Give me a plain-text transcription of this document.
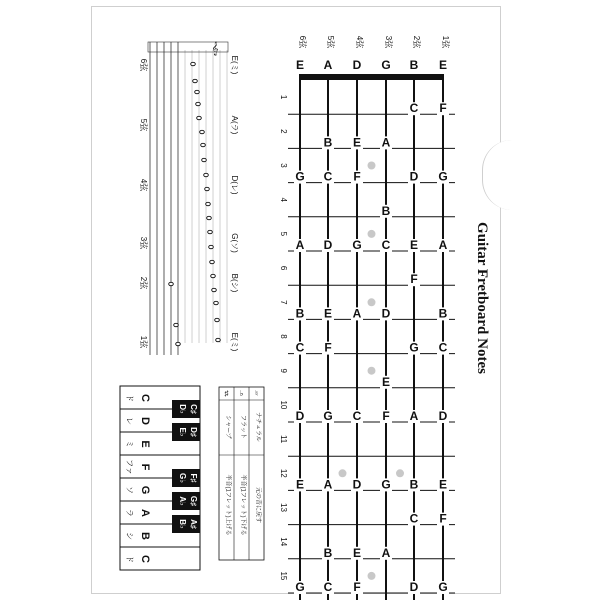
6弦
E
5弦
A
4弦
D
3弦
G
2弦
B
1弦
E
1
F
C
2
A
E
B
3
G
D
F
C
G
4
B
5
A
E
C
G
D
A
6
F
7
B
D
A
E
B
8
C
G
F
C
9
E
10
D
A
F
C
G
D
11
12
E
B
G
D
A
E
13
F
C
14
A
E
B
15
G
D
F
C
G
Guitar Fretboard Notes
𝄞
6弦
5弦
4弦
3弦
2弦
1弦
E(ミ)
A(ラ)
D(レ)
G(ソ)
B(シ)
E(ミ)
C
ド
D
レ
E
ミ
F
ファ
G
ソ
A
ラ
B
シ
C
ド
C♯
D♭
D♯
E♭
F♯
G♭
G♯
A♭
A♯
B♭
♯
シャープ
半音(1フレット)上げる
♭
フラット
半音(1フレット)下げる
♮
ナチュラル
元の音に戻す
